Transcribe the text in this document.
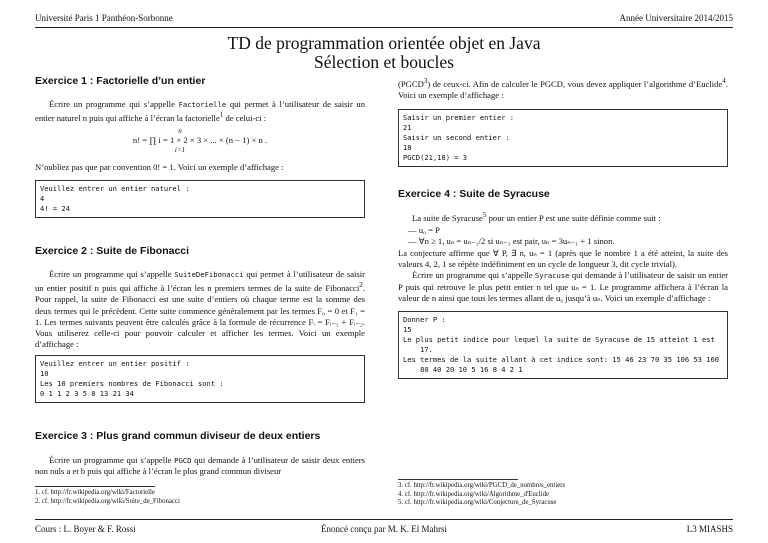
Université Paris 1 Panthéon-Sorbonne	Année Universitaire 2014/2015
TD de programmation orientée objet en Java
Sélection et boucles
Exercice 1 : Factorielle d’un entier

Écrire un programme qui s’appelle Factorielle qui permet à l’utilisateur de saisir un entier naturel n puis qui affiche à l’écran la factorielle$^1$ de celui-ci :

n
n! = ∏ i = 1 × 2 × 3 × ... × (n − 1) × n .
i=1

N’oubliez pas que par convention 0! = 1. Voici un exemple d’affichage :

Veuillez entrer un entier naturel :
4
4! = 24
Exercice 2 : Suite de Fibonacci

Écrire un programme qui s’appelle SuiteDeFibonacci qui permet à l’utilisateur de saisir un entier positif n puis qui affiche à l’écran les n premiers termes de la suite de Fibonacci$^2$. Pour rappel, la suite de Fibonacci est une suite d’entiers où chaque terme est la somme des deux termes qui le précèdent. Cette suite commence généralement par les termes F₀ = 0 et F₁ = 1. Les termes suivants peuvent être calculés grâce à la formule de récurrence Fᵢ = Fᵢ₋₁ + Fᵢ₋₂. Vous utiliserez celle-ci pour pouvoir calculer et afficher les termes. Voici un exemple d’affichage :

Veuillez entrer un entier positif :
10
Les 10 premiers nombres de Fibonacci sont :
0 1 1 2 3 5 8 13 21 34
Exercice 3 : Plus grand commun diviseur de deux entiers

Écrire un programme qui s’appelle PGCD qui demande à l’utilisateur de saisir deux entiers non nuls a et b puis qui affiche à l’écran le plus grand commun diviseur

1. cf. http://fr.wikipedia.org/wiki/Factorielle
2. cf. http://fr.wikipedia.org/wiki/Suite_de_Fibonacci

(PGCD$^3$) de ceux-ci. Afin de calculer le PGCD, vous devez appliquer l’algorithme d’Euclide$^4$. Voici un exemple d’affichage :

Saisir un premier entier :
21
Saisir un second entier :
18
PGCD(21,18) = 3
Exercice 4 : Suite de Syracuse

La suite de Syracuse$^5$ pour un entier P est une suite définie comme suit :

— u₀ = P
— ∀n ≥ 1, uₙ = uₙ₋₁/2 si uₙ₋₁ est pair, uₙ = 3uₙ₋₁ + 1 sinon.

La conjecture affirme que ∀ P, ∃ n, uₙ = 1 (après que le nombre 1 a été atteint, la suite des valeurs 4, 2, 1 se répète indéfiniment en un cycle de longueur 3, dit cycle trivial).

Écrire un programme qui s’appelle Syracuse qui demande à l’utilisateur de saisir un entier P puis qui retrouve le plus petit entier n tel que uₙ = 1. Le programme affichera à l’écran la valeur de n ainsi que tous les termes allant de u₀ jusqu’à uₙ. Voici un exemple d’affichage :

Donner P :
15
Le plus petit indice pour lequel la suite de Syracuse de 15 atteint 1 est
17.
Les termes de la suite allant à cet indice sont: 15 46 23 70 35 106 53 160
80 40 20 10 5 16 8 4 2 1
3. cf. http://fr.wikipedia.org/wiki/PGCD_de_nombres_entiers
4. cf. http://fr.wikipedia.org/wiki/Algorithme_d'Euclide
5. cf. http://fr.wikipedia.org/wiki/Conjecture_de_Syracuse
Cours : L. Boyer & F. Rossi	Énoncé conçu par M. K. El Mahrsi	L3 MIASHS
